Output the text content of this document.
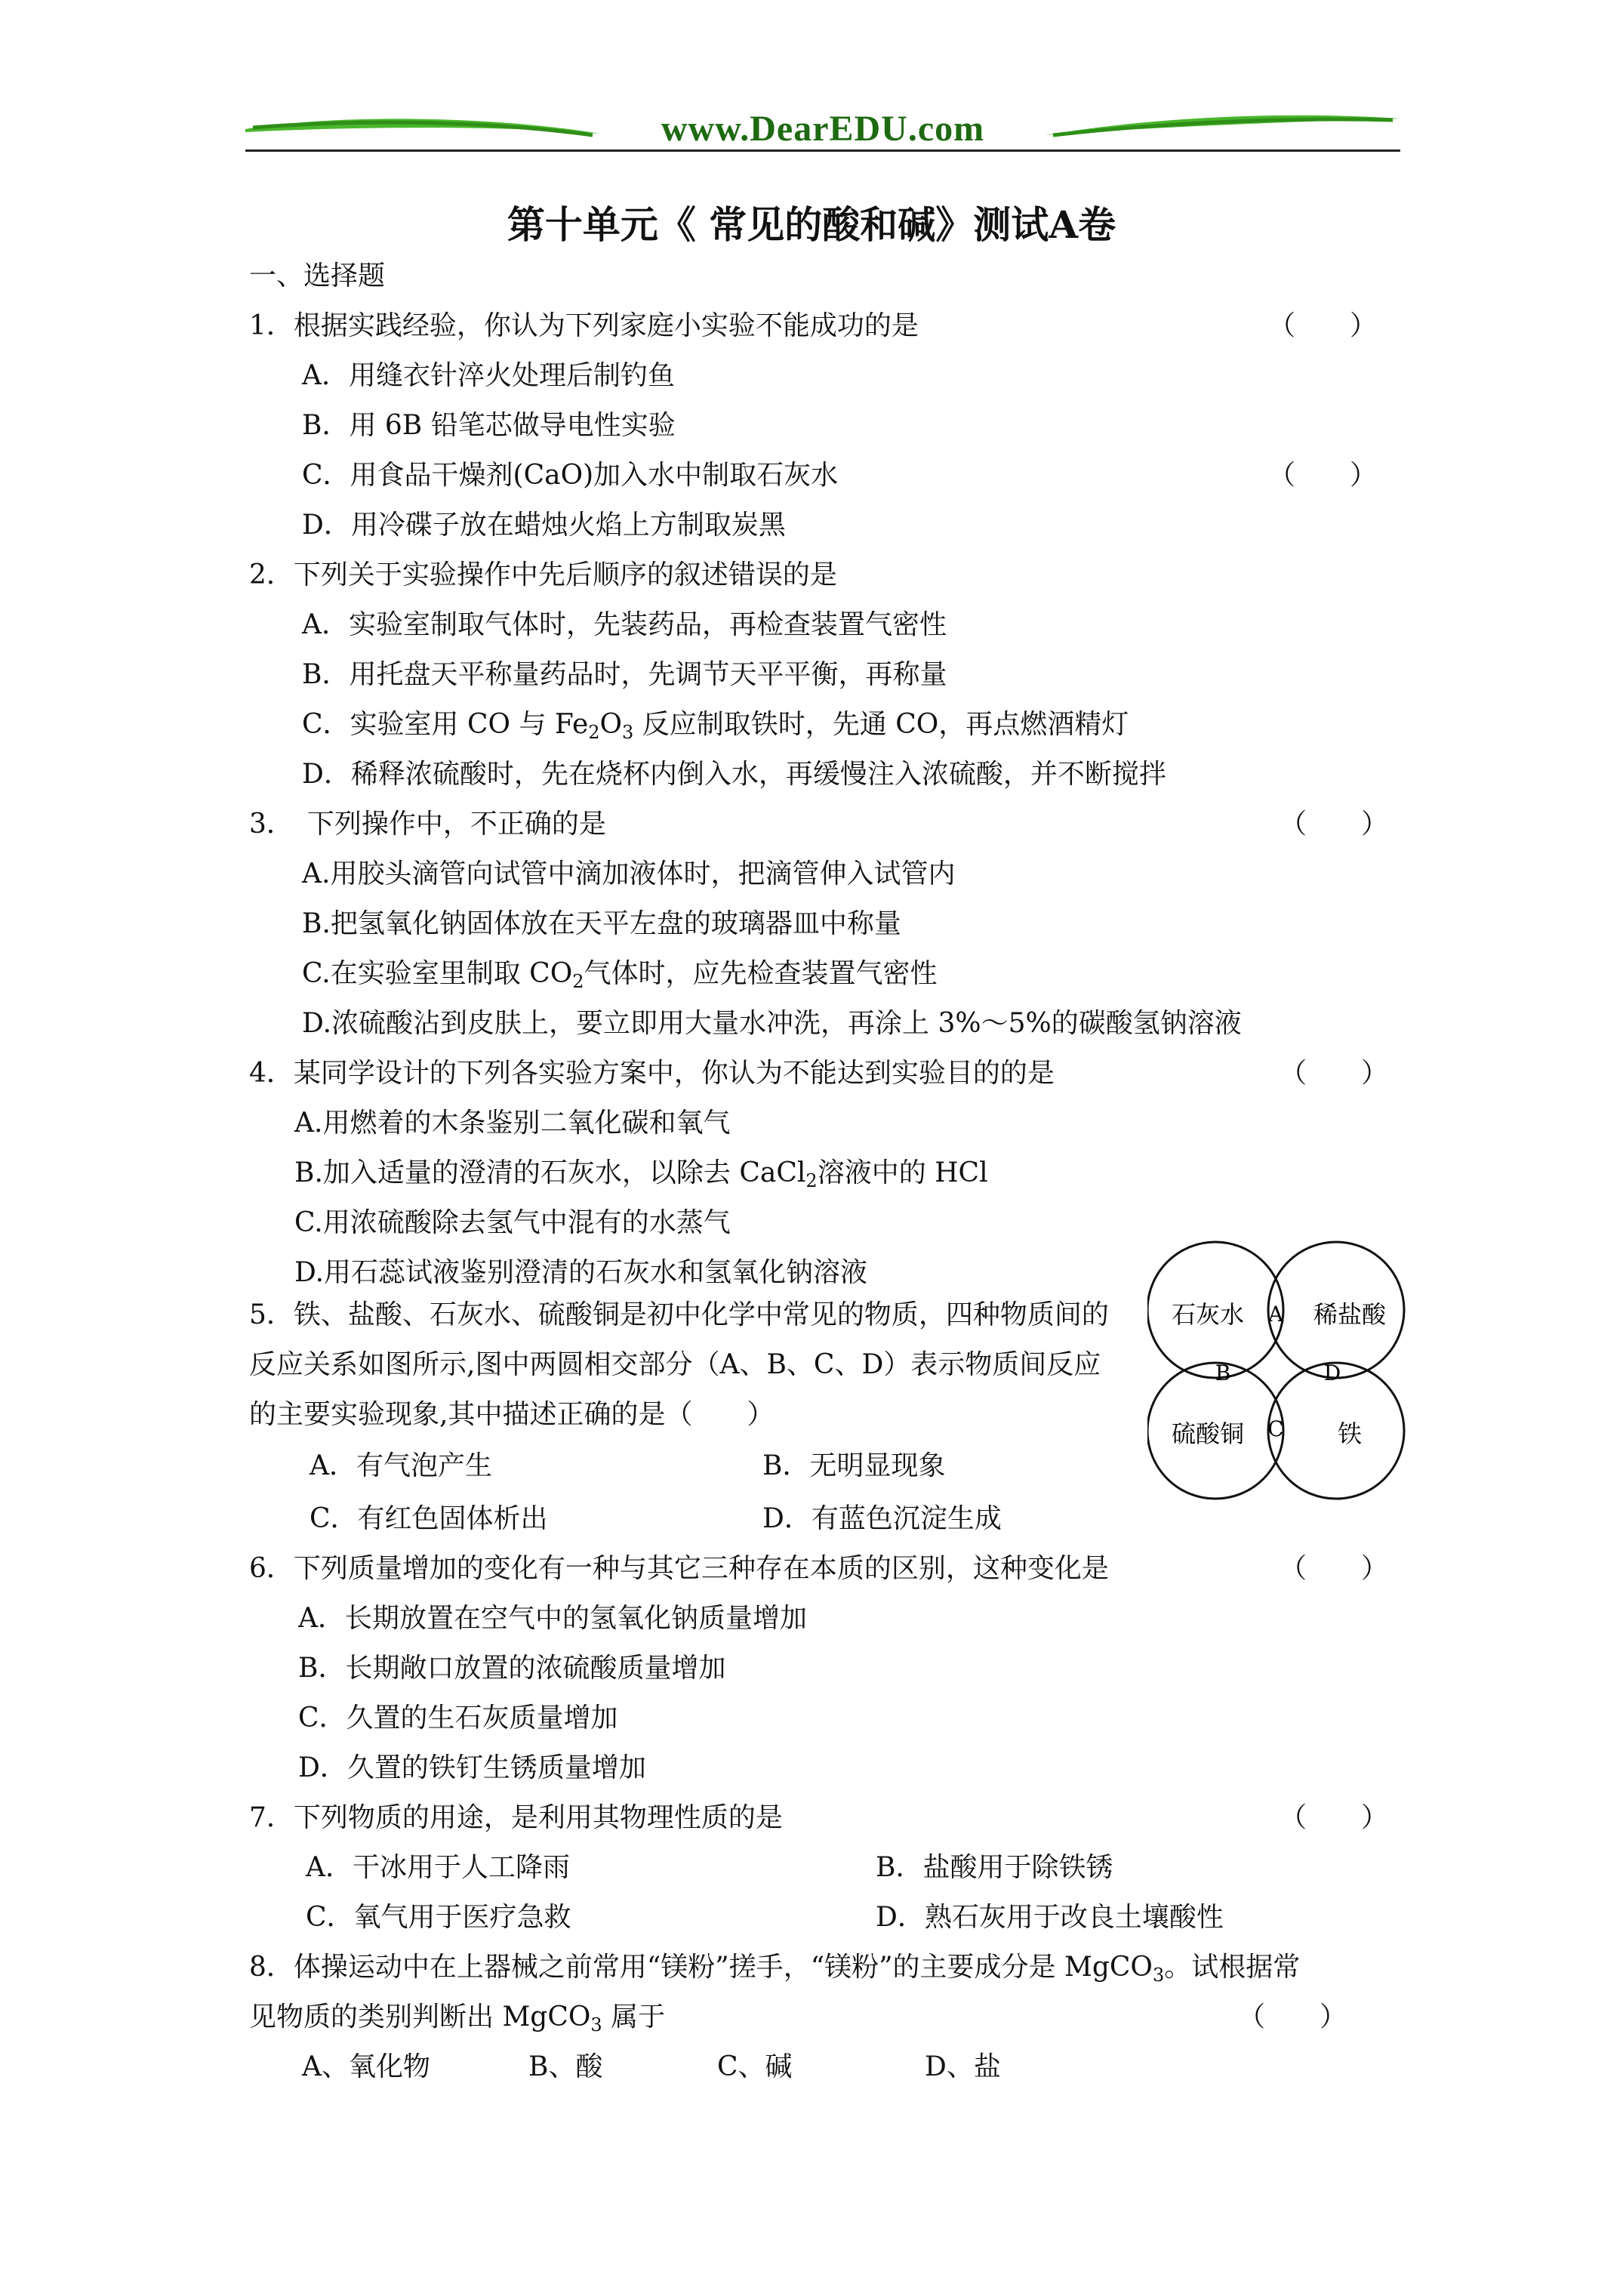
www.DearEDU.com
第十单元《 常见的酸和碱》测试A卷
一、选择题
1．根据实践经验，你认为下列家庭小实验不能成功的是	（　　）
A．用缝衣针淬火处理后制钓鱼
B．用 6B 铅笔芯做导电性实验
C．用食品干燥剂(CaO)加入水中制取石灰水	（　　）
D．用冷碟子放在蜡烛火焰上方制取炭黑
2．下列关于实验操作中先后顺序的叙述错误的是
A．实验室制取气体时，先装药品，再检查装置气密性
B．用托盘天平称量药品时，先调节天平平衡，再称量
C．实验室用 CO 与 $Fe_2O_3$ 反应制取铁时，先通 CO，再点燃酒精灯
D．稀释浓硫酸时，先在烧杯内倒入水，再缓慢注入浓硫酸，并不断搅拌
3．　下列操作中，不正确的是	（　　）
A.用胶头滴管向试管中滴加液体时，把滴管伸入试管内
B.把氢氧化钠固体放在天平左盘的玻璃器皿中称量
C.在实验室里制取 $CO_2$气体时，应先检查装置气密性
D.浓硫酸沾到皮肤上，要立即用大量水冲洗，再涂上 3%～5%的碳酸氢钠溶液
4．某同学设计的下列各实验方案中，你认为不能达到实验目的的是	（　　）
A.用燃着的木条鉴别二氧化碳和氧气
B.加入适量的澄清的石灰水，以除去 CaCl$_2$溶液中的 HCl
C.用浓硫酸除去氢气中混有的水蒸气
D.用石蕊试液鉴别澄清的石灰水和氢氧化钠溶液
5．铁、盐酸、石灰水、硫酸铜是初中化学中常见的物质，四种物质间的
反应关系如图所示,图中两圆相交部分（A、B、C、D）表示物质间反应
的主要实验现象,其中描述正确的是（　　）
A．有气泡产生	B．无明显现象
C．有红色固体析出	D．有蓝色沉淀生成
石灰水	稀盐酸
硫酸铜	铁
A
B	D
C
6．下列质量增加的变化有一种与其它三种存在本质的区别，这种变化是	（　　）
A．长期放置在空气中的氢氧化钠质量增加
B．长期敞口放置的浓硫酸质量增加
C．久置的生石灰质量增加
D．久置的铁钉生锈质量增加
7．下列物质的用途，是利用其物理性质的是	（　　）
A．干冰用于人工降雨	B．盐酸用于除铁锈
C．氧气用于医疗急救	D．熟石灰用于改良土壤酸性
8．体操运动中在上器械之前常用“镁粉”搓手，“镁粉”的主要成分是 MgCO$_3$。试根据常
见物质的类别判断出 MgCO$_3$ 属于	（　　）
A、氧化物	B、酸	C、碱	D、盐
